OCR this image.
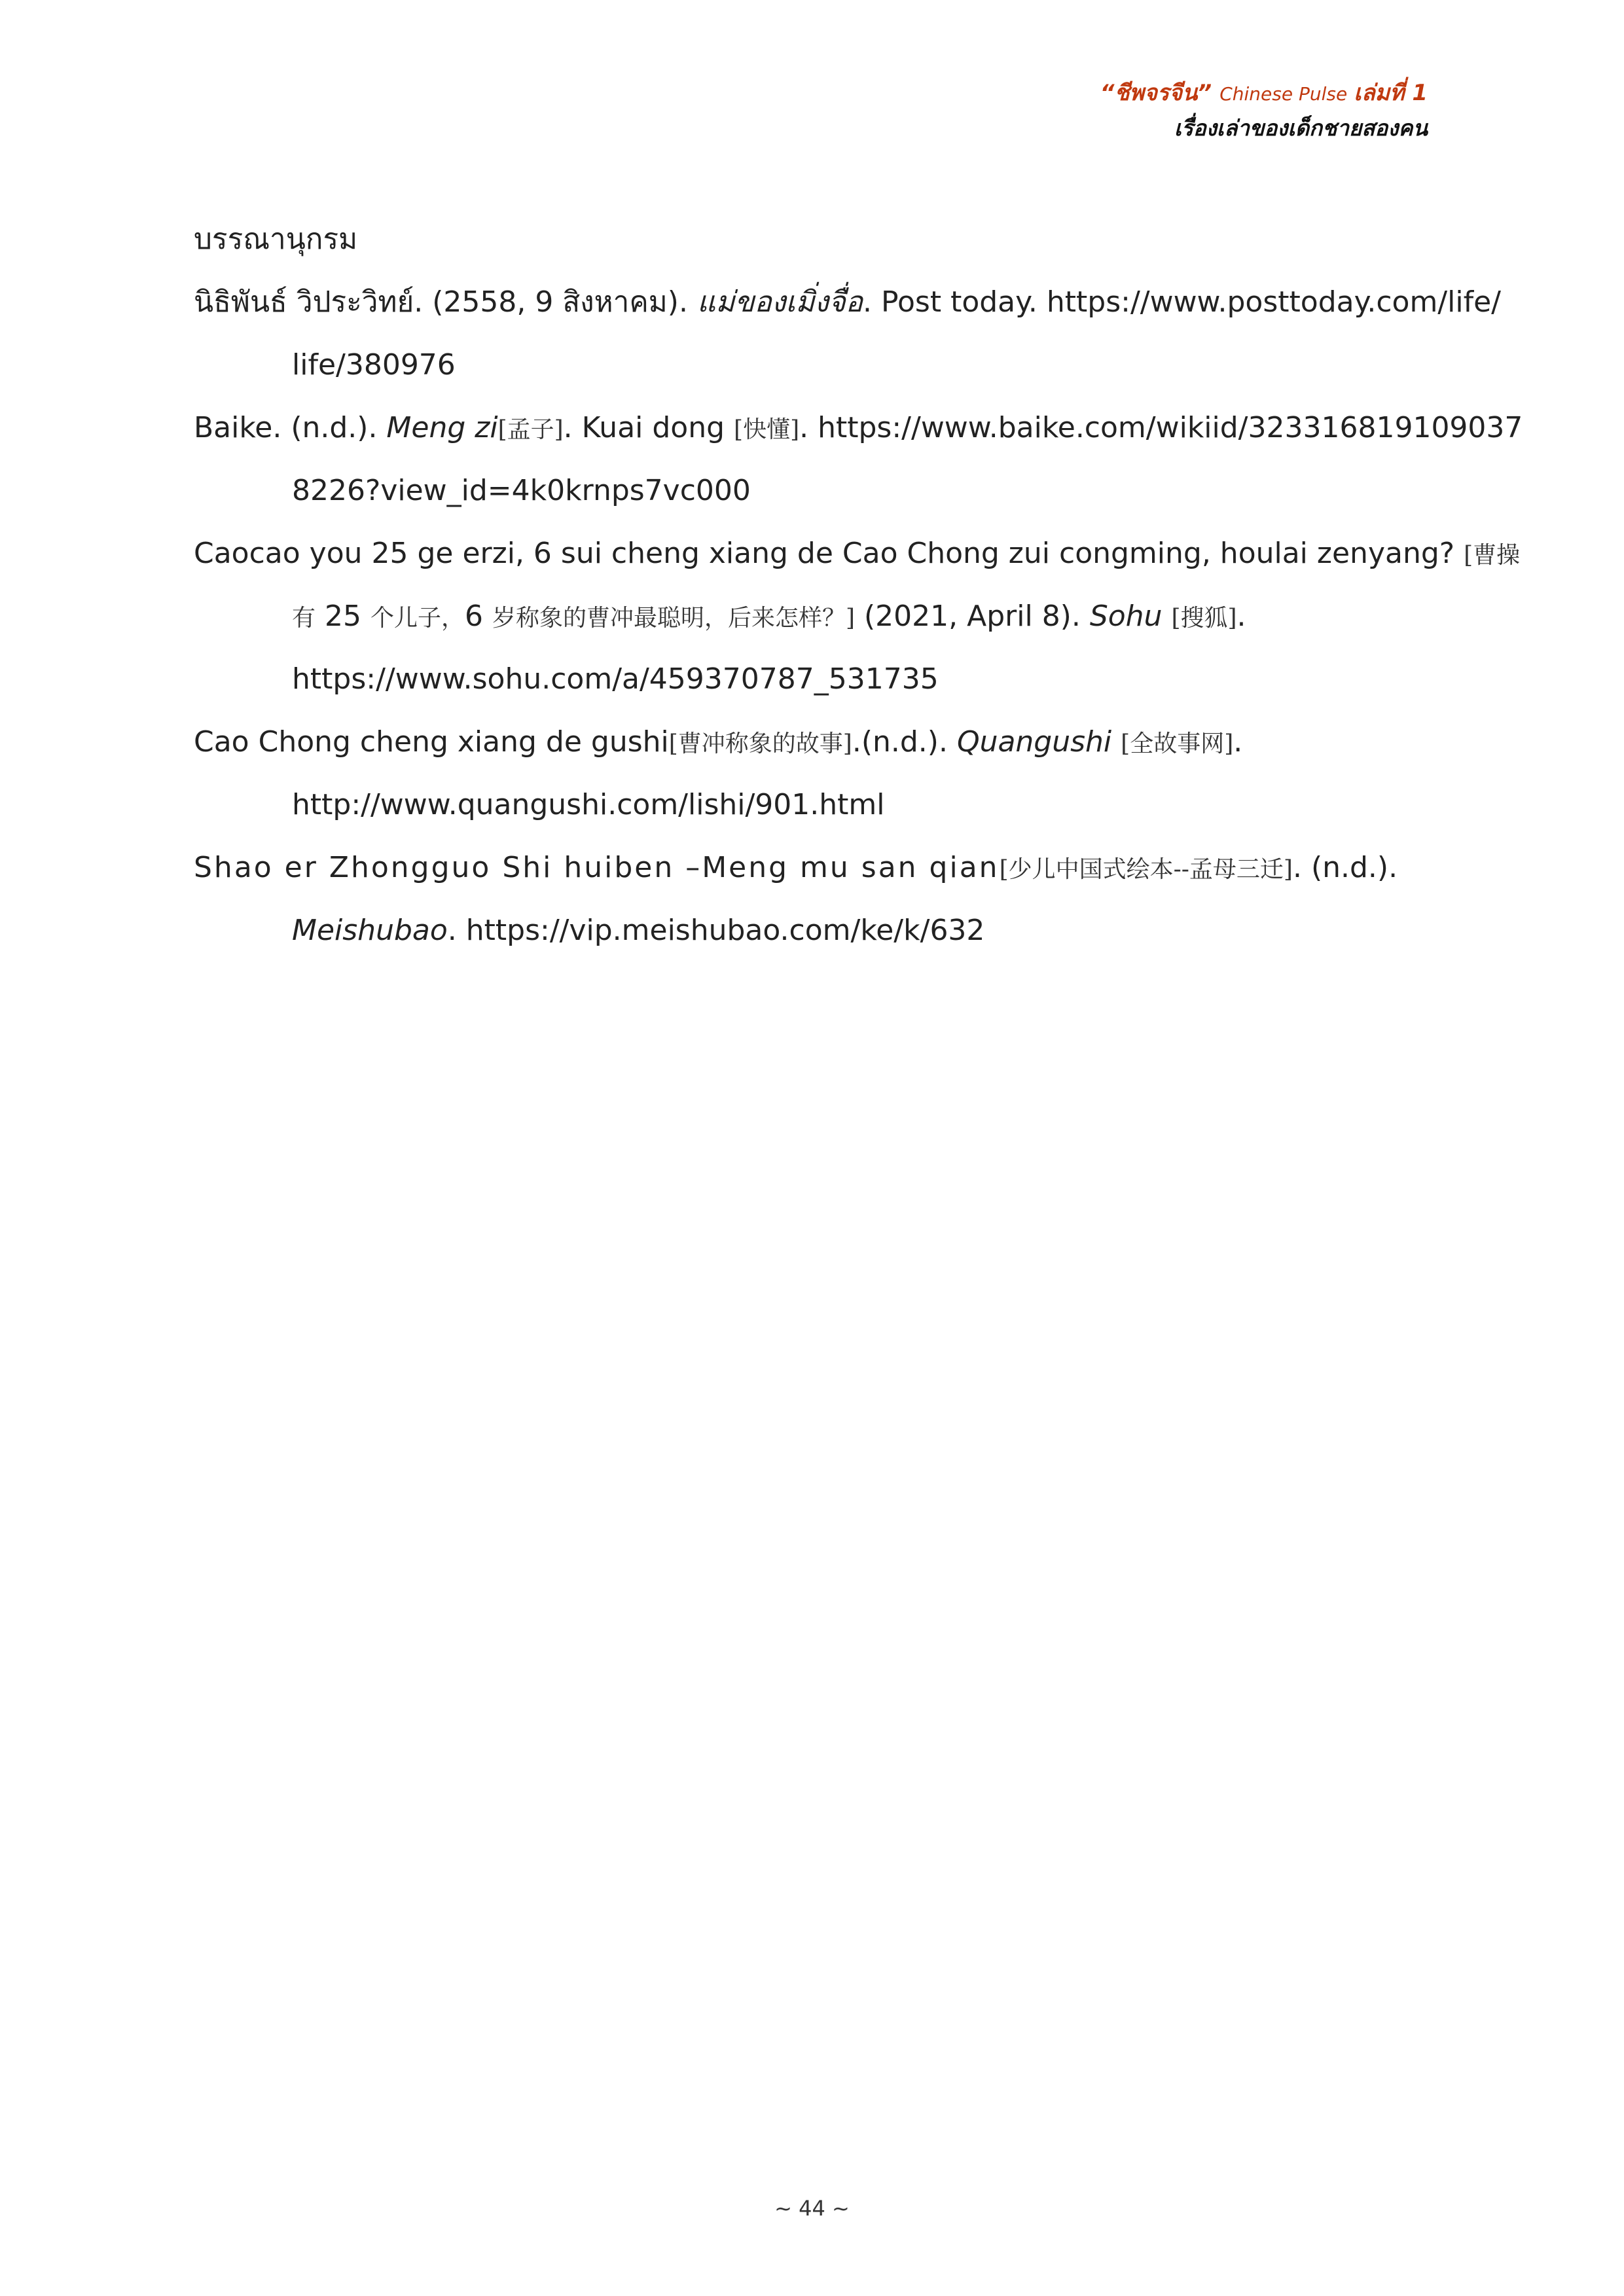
“ชีพจรจีน” Chinese Pulse เล่มที่ 1
เรื่องเล่าของเด็กชายสองคน
บรรณานุกรม
นิธิพันธ์ วิประวิทย์. (2558, 9 สิงหาคม). แม่ของเมิ่งจื่อ. Post today. https://www.posttoday.com/life/
life/380976
Baike. (n.d.). Meng zi[孟子]. Kuai dong [快懂]. https://www.baike.com/wikiid/323316819109037
8226?view_id=4k0krnps7vc000
Caocao you 25 ge erzi, 6 sui cheng xiang de Cao Chong zui congming, houlai zenyang? [曹操
有 25 个儿子，6 岁称象的曹冲最聪明，后来怎样？] (2021, April 8). Sohu [搜狐].
https://www.sohu.com/a/459370787_531735
Cao Chong cheng xiang de gushi[曹冲称象的故事].(n.d.). Quangushi [全故事网].
http://www.quangushi.com/lishi/901.html
Shao er Zhongguo Shi huiben –Meng mu san qian[少儿中国式绘本--孟母三迁]. (n.d.).
Meishubao. https://vip.meishubao.com/ke/k/632
~ 44 ~
